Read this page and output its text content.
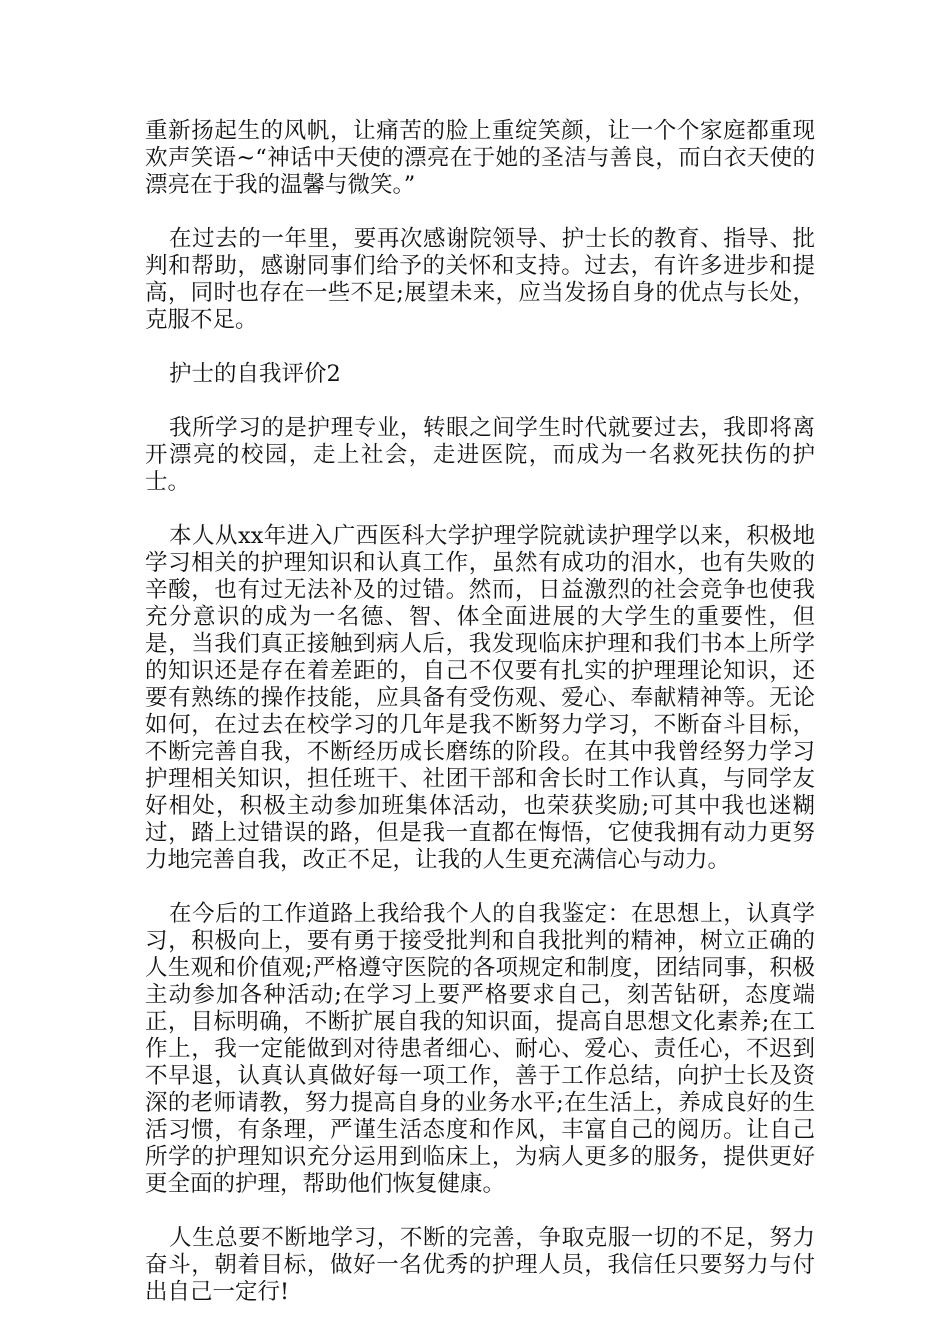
重新扬起生的风帆，让痛苦的脸上重绽笑颜，让一个个家庭都重现欢声笑语~“神话中天使的漂亮在于她的圣洁与善良，而白衣天使的漂亮在于我的温馨与微笑。”

在过去的一年里，要再次感谢院领导、护士长的教育、指导、批判和帮助，感谢同事们给予的关怀和支持。过去，有许多进步和提高，同时也存在一些不足;展望未来，应当发扬自身的优点与长处，克服不足。

护士的自我评价2

我所学习的是护理专业，转眼之间学生时代就要过去，我即将离开漂亮的校园，走上社会，走进医院，而成为一名救死扶伤的护士。

本人从xx年进入广西医科大学护理学院就读护理学以来，积极地学习相关的护理知识和认真工作，虽然有成功的泪水，也有失败的辛酸，也有过无法补及的过错。然而，日益激烈的社会竞争也使我充分意识的成为一名德、智、体全面进展的大学生的重要性，但是，当我们真正接触到病人后，我发现临床护理和我们书本上所学的知识还是存在着差距的，自己不仅要有扎实的护理理论知识，还要有熟练的操作技能，应具备有受伤观、爱心、奉献精神等。无论如何，在过去在校学习的几年是我不断努力学习，不断奋斗目标，不断完善自我，不断经历成长磨练的阶段。在其中我曾经努力学习护理相关知识，担任班干、社团干部和舍长时工作认真，与同学友好相处，积极主动参加班集体活动，也荣获奖励;可其中我也迷糊过，踏上过错误的路，但是我一直都在悔悟，它使我拥有动力更努力地完善自我，改正不足，让我的人生更充满信心与动力。

在今后的工作道路上我给我个人的自我鉴定：在思想上，认真学习，积极向上，要有勇于接受批判和自我批判的精神，树立正确的人生观和价值观;严格遵守医院的各项规定和制度，团结同事，积极主动参加各种活动;在学习上要严格要求自己，刻苦钻研，态度端正，目标明确，不断扩展自我的知识面，提高自思想文化素养;在工作上，我一定能做到对待患者细心、耐心、爱心、责任心，不迟到不早退，认真认真做好每一项工作，善于工作总结，向护士长及资深的老师请教，努力提高自身的业务水平;在生活上，养成良好的生活习惯，有条理，严谨生活态度和作风，丰富自己的阅历。让自己所学的护理知识充分运用到临床上，为病人更多的服务，提供更好更全面的护理，帮助他们恢复健康。

人生总要不断地学习，不断的完善，争取克服一切的不足，努力奋斗，朝着目标，做好一名优秀的护理人员，我信任只要努力与付出自己一定行!
